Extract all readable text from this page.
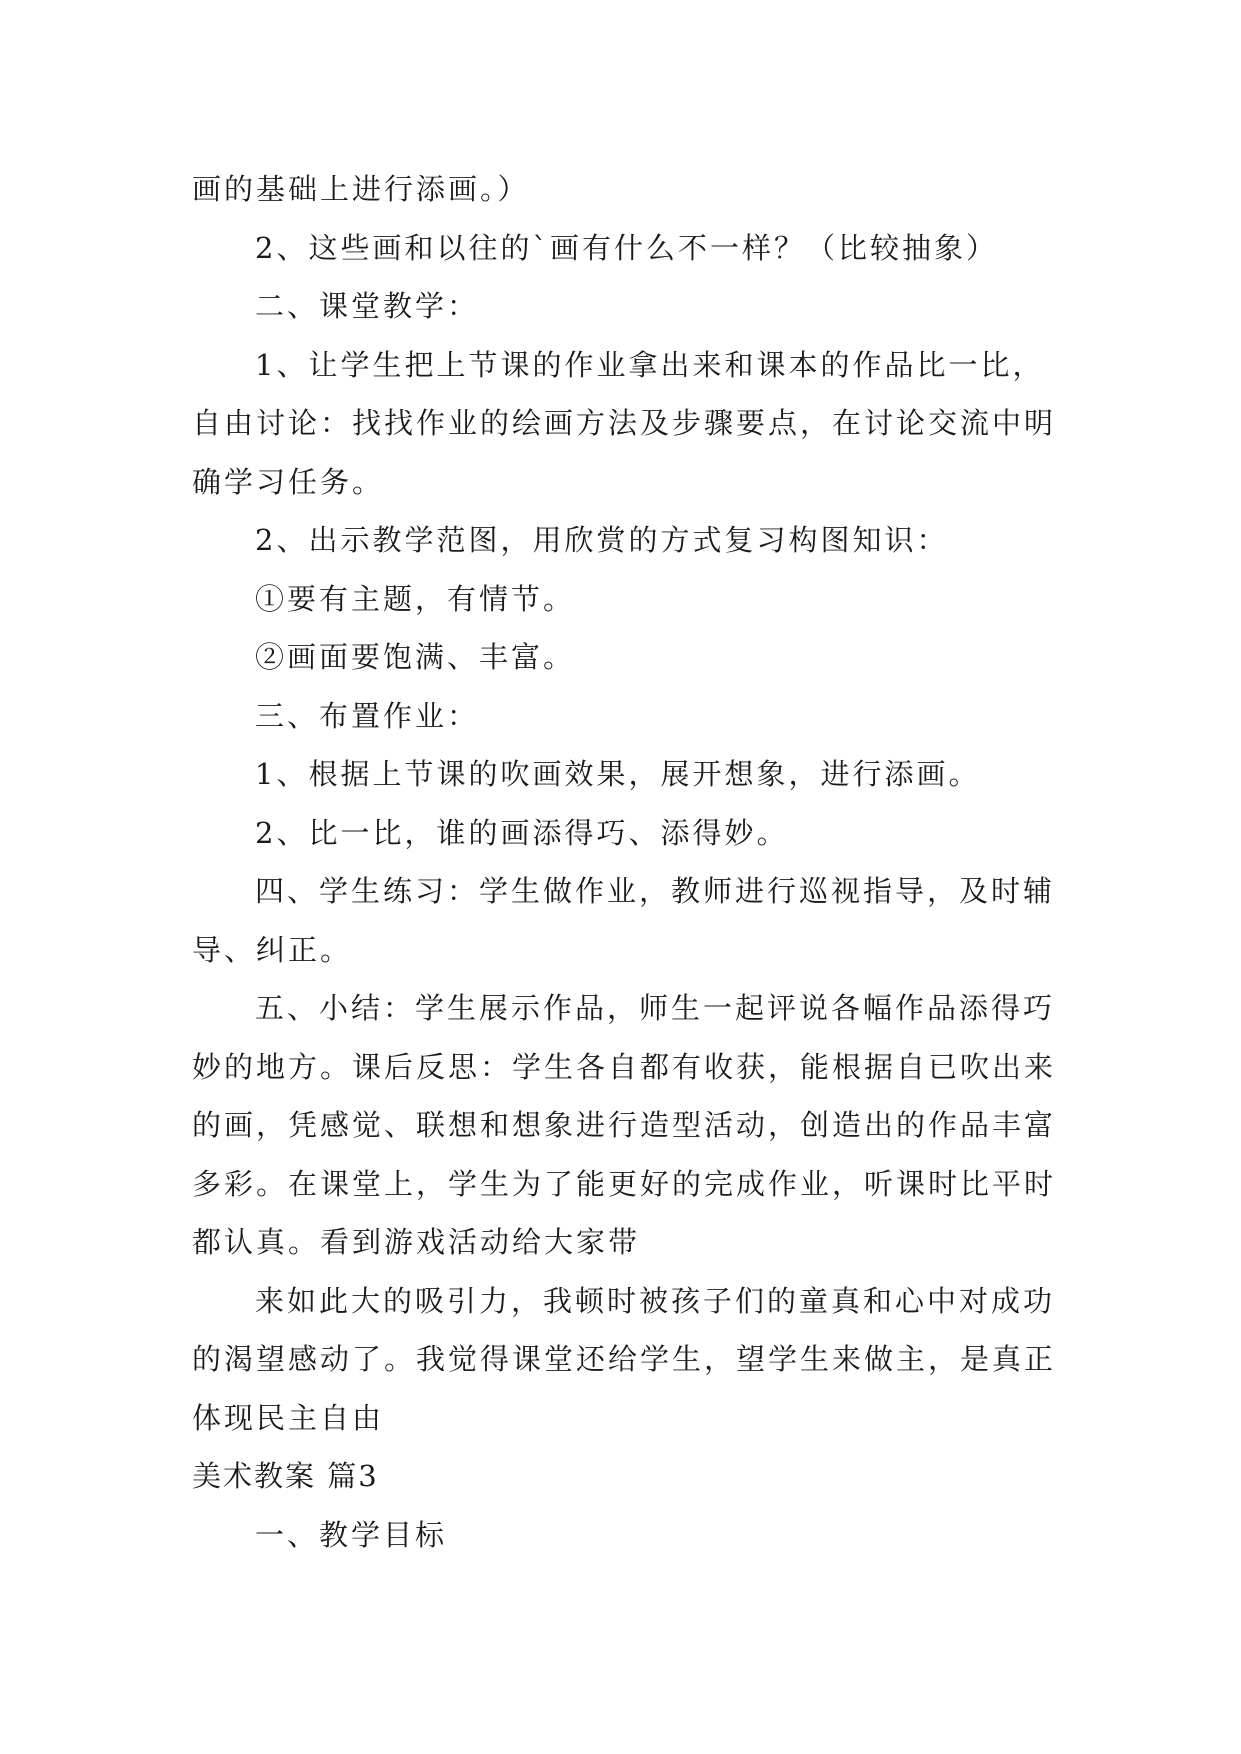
画的基础上进行添画。）

2、这些画和以往的`画有什么不一样？（比较抽象）

二、课堂教学：

1、让学生把上节课的作业拿出来和课本的作品比一比，自由讨论：找找作业的绘画方法及步骤要点，在讨论交流中明确学习任务。

2、出示教学范图，用欣赏的方式复习构图知识：

①要有主题，有情节。

②画面要饱满、丰富。

三、布置作业：

1、根据上节课的吹画效果，展开想象，进行添画。

2、比一比，谁的画添得巧、添得妙。

四、学生练习：学生做作业，教师进行巡视指导，及时辅导、纠正。

五、小结：学生展示作品，师生一起评说各幅作品添得巧妙的地方。课后反思：学生各自都有收获，能根据自已吹出来的画，凭感觉、联想和想象进行造型活动，创造出的作品丰富多彩。在课堂上，学生为了能更好的完成作业，听课时比平时都认真。看到游戏活动给大家带

来如此大的吸引力，我顿时被孩子们的童真和心中对成功的渴望感动了。我觉得课堂还给学生，望学生来做主，是真正体现民主自由

美术教案 篇3

一、教学目标
